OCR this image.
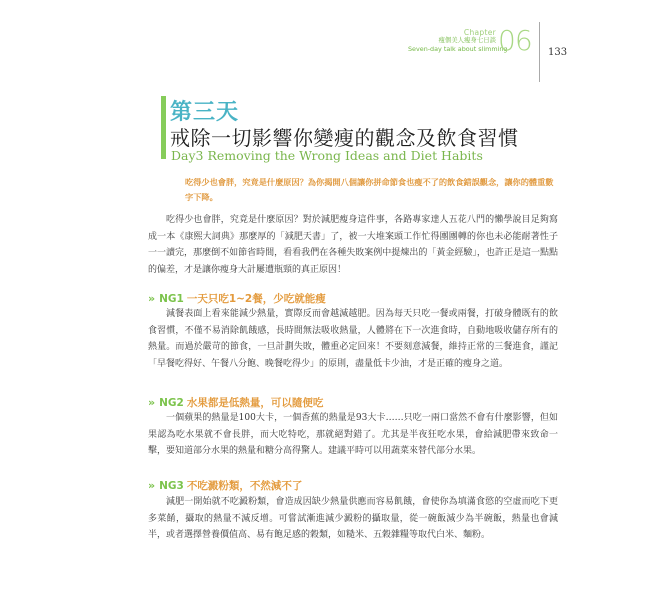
Chapter
瘦個美人瘦身七日談
Seven-day talk about slimming
06	133
第三天
戒除一切影響你變瘦的觀念及飲食習慣
Day3 Removing the Wrong Ideas and Diet Habits
吃得少也會胖，究竟是什麼原因？為你揭開八個讓你拼命節食也瘦不了的飲食錯誤觀念，讓你的體重數字下降。

吃得少也會胖，究竟是什麼原因？對於減肥瘦身這件事，各路專家達人五花八門的懶學說目足夠寫成一本《康熙大詞典》那麼厚的「減肥天書」了，被一大堆案頭工作忙得團團轉的你也未必能耐著性子一一讀完，那麼倒不如節省時間，看看我們在各種失敗案例中提煉出的「黃金經驗」，也許正是這一點點的偏差，才是讓你瘦身大計屢遭瓶頸的真正原因！

» NG1 一天只吃1~2餐，少吃就能瘦

減餐表面上看來能減少熱量，實際反而會越減越肥。因為每天只吃一餐或兩餐，打破身體既有的飲食習慣，不僅不易消除飢餓感，長時間無法吸收熱量，人體將在下一次進食時，自動地吸收儲存所有的熱量。而過於嚴苛的節食，一旦計劃失敗，體重必定回來！不要刻意減餐，維持正常的三餐進食，謹記「早餐吃得好、午餐八分飽、晚餐吃得少」的原則，盡量低卡少油，才是正確的瘦身之道。

» NG2 水果都是低熱量，可以隨便吃

一個蘋果的熱量是100大卡，一個香蕉的熱量是93大卡……只吃一兩口當然不會有什麼影響，但如果認為吃水果就不會長胖，而大吃特吃，那就絕對錯了。尤其是半夜狂吃水果，會給減肥帶來致命一擊，要知道部分水果的熱量和糖分高得驚人。建議平時可以用蔬菜來替代部分水果。

» NG3 不吃澱粉類，不然減不了

減肥一開始就不吃澱粉類，會造成因缺少熱量供應而容易飢餓，會使你為填滿食慾的空虛而吃下更多菜餚，攝取的熱量不減反增。可嘗試漸進減少澱粉的攝取量，從一碗飯減少為半碗飯，熱量也會減半，或者選擇營養價值高、易有飽足感的穀類，如糙米、五穀雜糧等取代白米、麵粉。
